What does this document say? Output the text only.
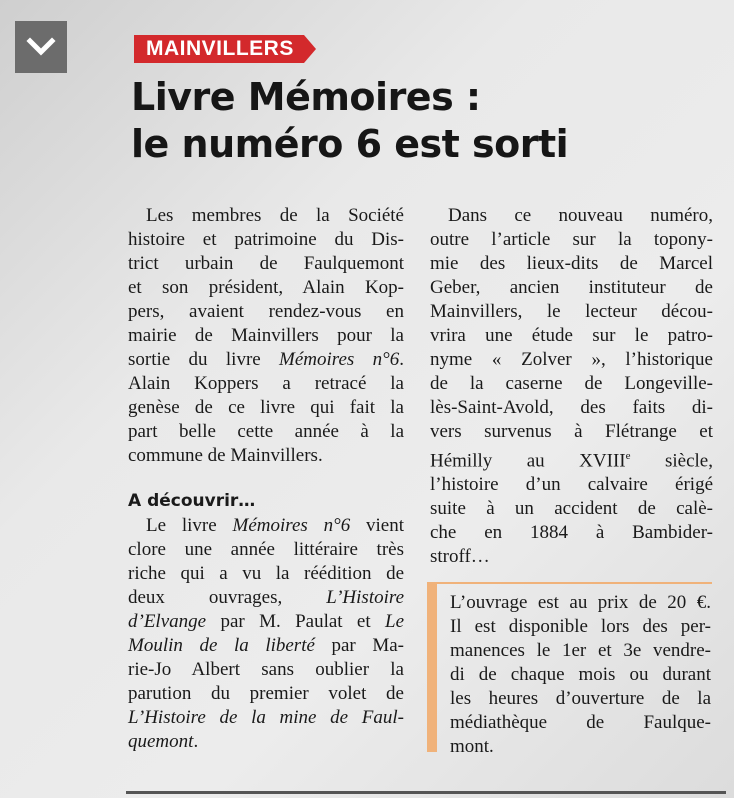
MAINVILLERS
Livre Mémoires :
le numéro 6 est sorti
Les membres de la Société
histoire et patrimoine du Dis-
trict urbain de Faulquemont
et son président, Alain Kop-
pers, avaient rendez-vous en
mairie de Mainvillers pour la
sortie du livre Mémoires n°6.
Alain Koppers a retracé la
genèse de ce livre qui fait la
part belle cette année à la
commune de Mainvillers.
A découvrir…
Le livre Mémoires n°6 vient
clore une année littéraire très
riche qui a vu la réédition de
deux ouvrages, L’Histoire
d’Elvange par M. Paulat et Le
Moulin de la liberté par Ma-
rie-Jo Albert sans oublier la
parution du premier volet de
L’Histoire de la mine de Faul-
quemont.
Dans ce nouveau numéro,
outre l’article sur la topony-
mie des lieux-dits de Marcel
Geber, ancien instituteur de
Mainvillers, le lecteur décou-
vrira une étude sur le patro-
nyme « Zolver », l’historique
de la caserne de Longeville-
lès-Saint-Avold, des faits di-
vers survenus à Flétrange et
Hémilly au XVIIIe siècle,
l’histoire d’un calvaire érigé
suite à un accident de calè-
che en 1884 à Bambider-
stroff…
L’ouvrage est au prix de 20 €.
Il est disponible lors des per-
manences le 1er et 3e vendre-
di de chaque mois ou durant
les heures d’ouverture de la
médiathèque de Faulque-
mont.
